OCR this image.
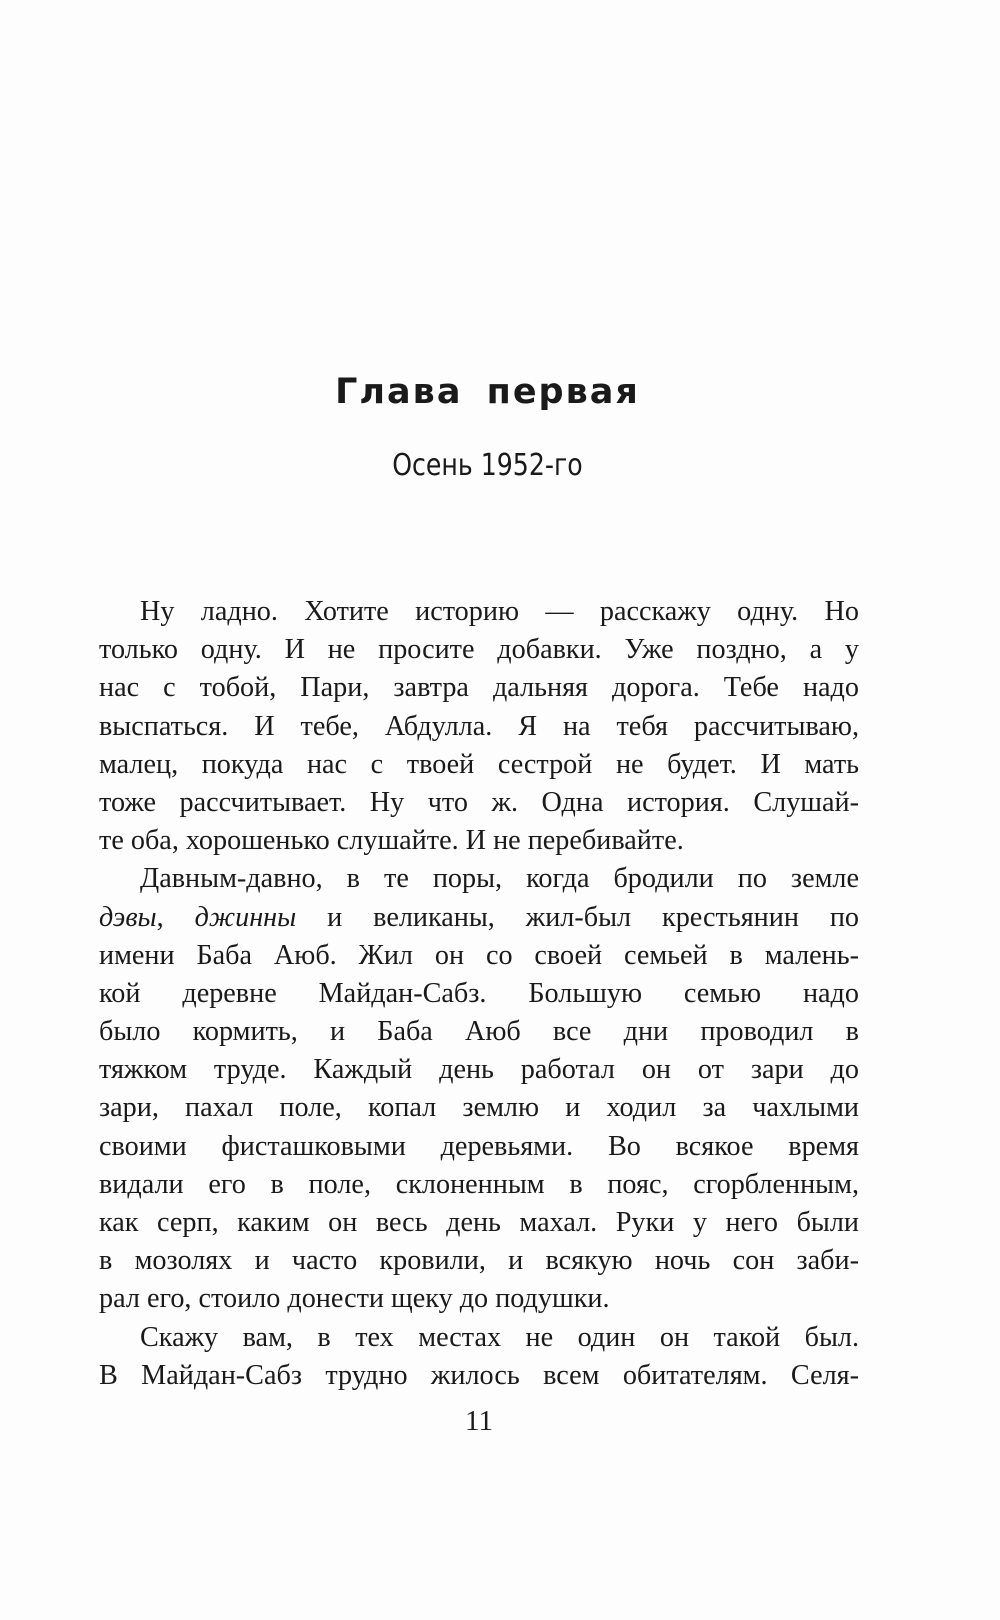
Глава первая
Осень 1952-го
Ну ладно. Хотите историю — расскажу одну. Но
только одну. И не просите добавки. Уже поздно, а у
нас с тобой, Пари, завтра дальняя дорога. Тебе надо
выспаться. И тебе, Абдулла. Я на тебя рассчитываю,
малец, покуда нас с твоей сестрой не будет. И мать
тоже рассчитывает. Ну что ж. Одна история. Слушай-
те оба, хорошенько слушайте. И не перебивайте.
Давным-давно, в те поры, когда бродили по земле
дэвы, джинны и великаны, жил-был крестьянин по
имени Баба Аюб. Жил он со своей семьей в малень-
кой деревне Майдан-Сабз. Большую семью надо
было кормить, и Баба Аюб все дни проводил в
тяжком труде. Каждый день работал он от зари до
зари, пахал поле, копал землю и ходил за чахлыми
своими фисташковыми деревьями. Во всякое время
видали его в поле, склоненным в пояс, сгорбленным,
как серп, каким он весь день махал. Руки у него были
в мозолях и часто кровили, и всякую ночь сон заби-
рал его, стоило донести щеку до подушки.
Скажу вам, в тех местах не один он такой был.
В Майдан-Сабз трудно жилось всем обитателям. Селя-
11
